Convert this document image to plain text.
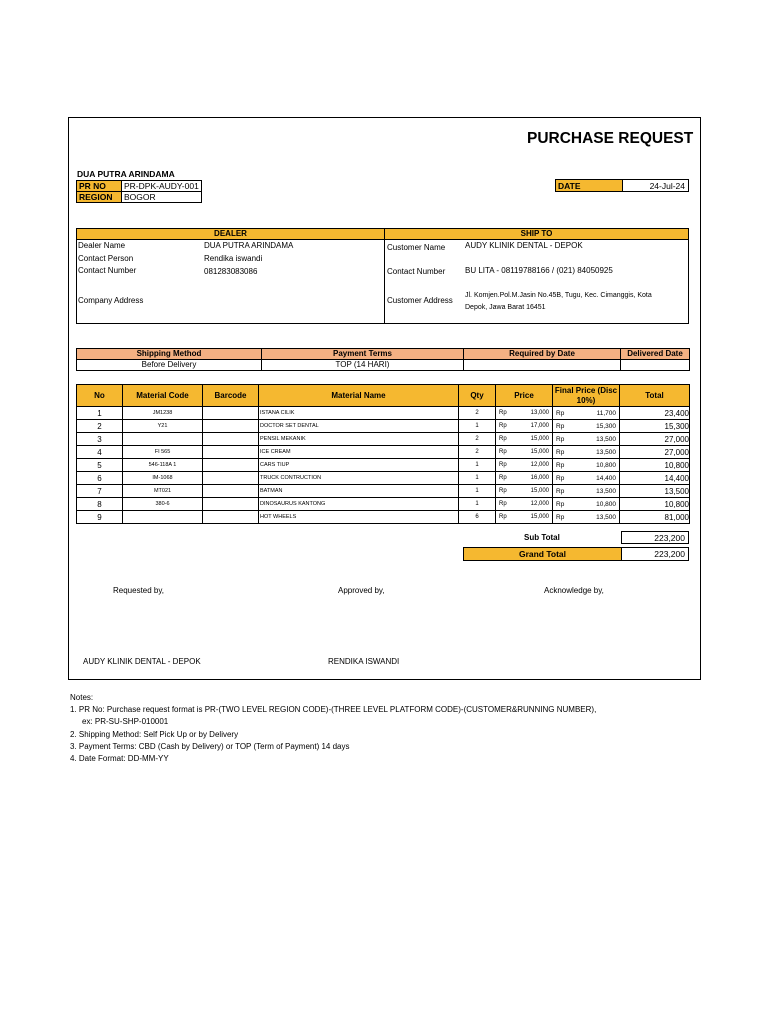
PURCHASE REQUEST
DUA PUTRA ARINDAMA
PR NO	PR-DPK-AUDY-001
REGION	BOGOR
DATE	24-Jul-24
DEALER	SHIP TO
Dealer Name	DUA PUTRA ARINDAMA
Contact Person	Rendika iswandi
Contact Number	081283083086
Company Address
Customer Name AUDY KLINIK DENTAL - DEPOK
Contact Number BU LITA - 08119788166 / (021) 84050925
Customer Address
Jl. Komjen.Pol.M.Jasin No.45B, Tugu, Kec. Cimanggis, Kota
Depok, Jawa Barat 16451
Shipping Method	Payment Terms	Required by Date	Delivered Date
Before Delivery	TOP (14 HARI)		
No	Material Code	Barcode	Material Name	Qty	Price	Final Price (Disc 10%)	Total
1	JM1238		ISTANA CILIK	2	Rp 13,000	Rp 11,700	23,400
2	Y21		DOCTOR SET DENTAL	1	Rp 17,000	Rp 15,300	15,300
3			PENSIL MEKANIK	2	Rp 15,000	Rp 13,500	27,000
4	FI 565		ICE CREAM	2	Rp 15,000	Rp 13,500	27,000
5	546-118A 1		CARS TIUP	1	Rp 12,000	Rp 10,800	10,800
6	IM-1068		TRUCK CONTRUCTION	1	Rp 16,000	Rp 14,400	14,400
7	MT021		BATMAN	1	Rp 15,000	Rp 13,500	13,500
8	380-6		DINOSAURUS KANTONG	1	Rp 12,000	Rp 10,800	10,800
9			HOT WHEELS	6	Rp 15,000	Rp 13,500	81,000
Sub Total	223,200
Grand Total	223,200
Requested by,	Approved by,	Acknowledge by,
AUDY KLINIK DENTAL - DEPOK	RENDIKA ISWANDI
Notes:
1. PR No: Purchase request format is PR-(TWO LEVEL REGION CODE)-(THREE LEVEL PLATFORM CODE)-(CUSTOMER&RUNNING NUMBER),
ex: PR-SU-SHP-010001
2. Shipping Method: Self Pick Up or by Delivery
3. Payment Terms: CBD (Cash by Delivery) or TOP (Term of Payment) 14 days
4. Date Format: DD-MM-YY
